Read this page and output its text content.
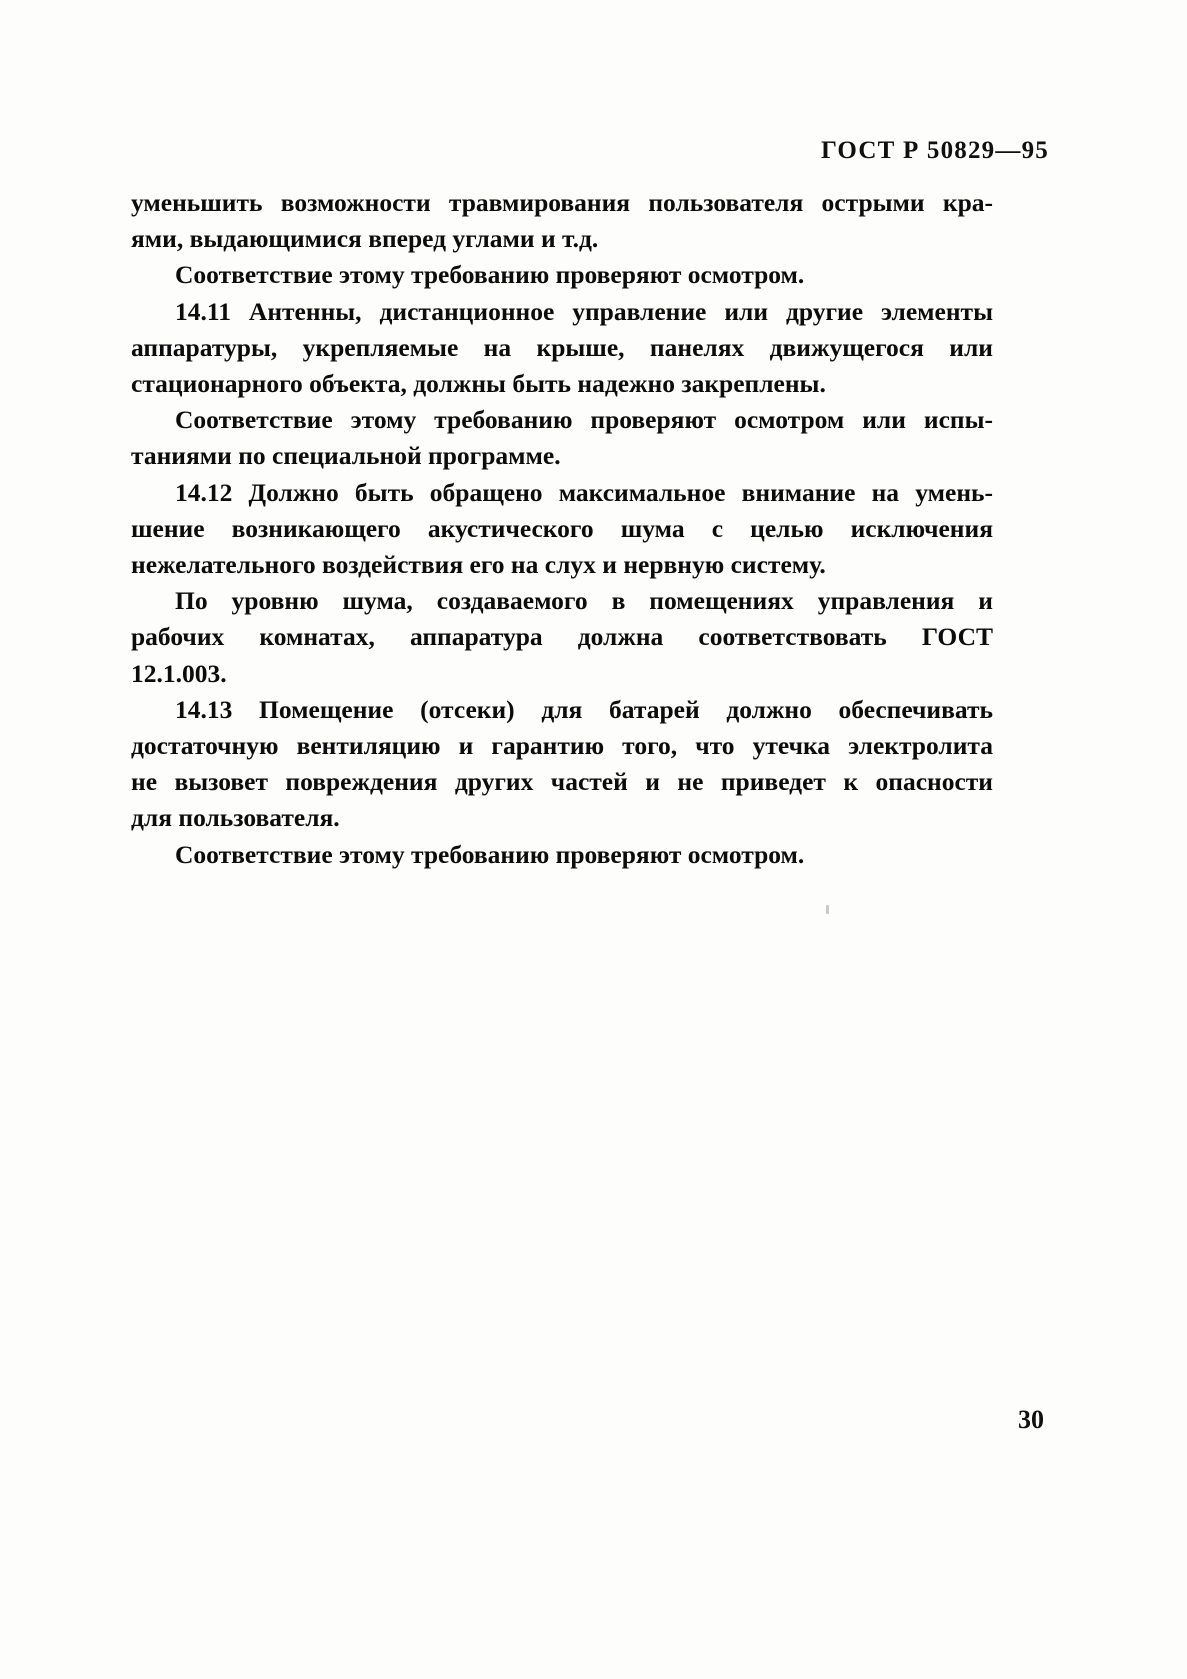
ГОСТ Р 50829—95

уменьшить возможности травмирования пользователя острыми кра-
ями, выдающимися вперед углами и т.д.

Соответствие этому требованию проверяют осмотром.

14.11 Антенны, дистанционное управление или другие элементы
аппаратуры, укрепляемые на крыше, панелях движущегося или
стационарного объекта, должны быть надежно закреплены.

Соответствие этому требованию проверяют осмотром или испы-
таниями по специальной программе.

14.12 Должно быть обращено максимальное внимание на умень-
шение возникающего акустического шума с целью исключения
нежелательного воздействия его на слух и нервную систему.

По уровню шума, создаваемого в помещениях управления и
рабочих комнатах, аппаратура должна соответствовать ГОСТ
12.1.003.

14.13 Помещение (отсеки) для батарей должно обеспечивать
достаточную вентиляцию и гарантию того, что утечка электролита
не вызовет повреждения других частей и не приведет к опасности
для пользователя.

Соответствие этому требованию проверяют осмотром.

30
